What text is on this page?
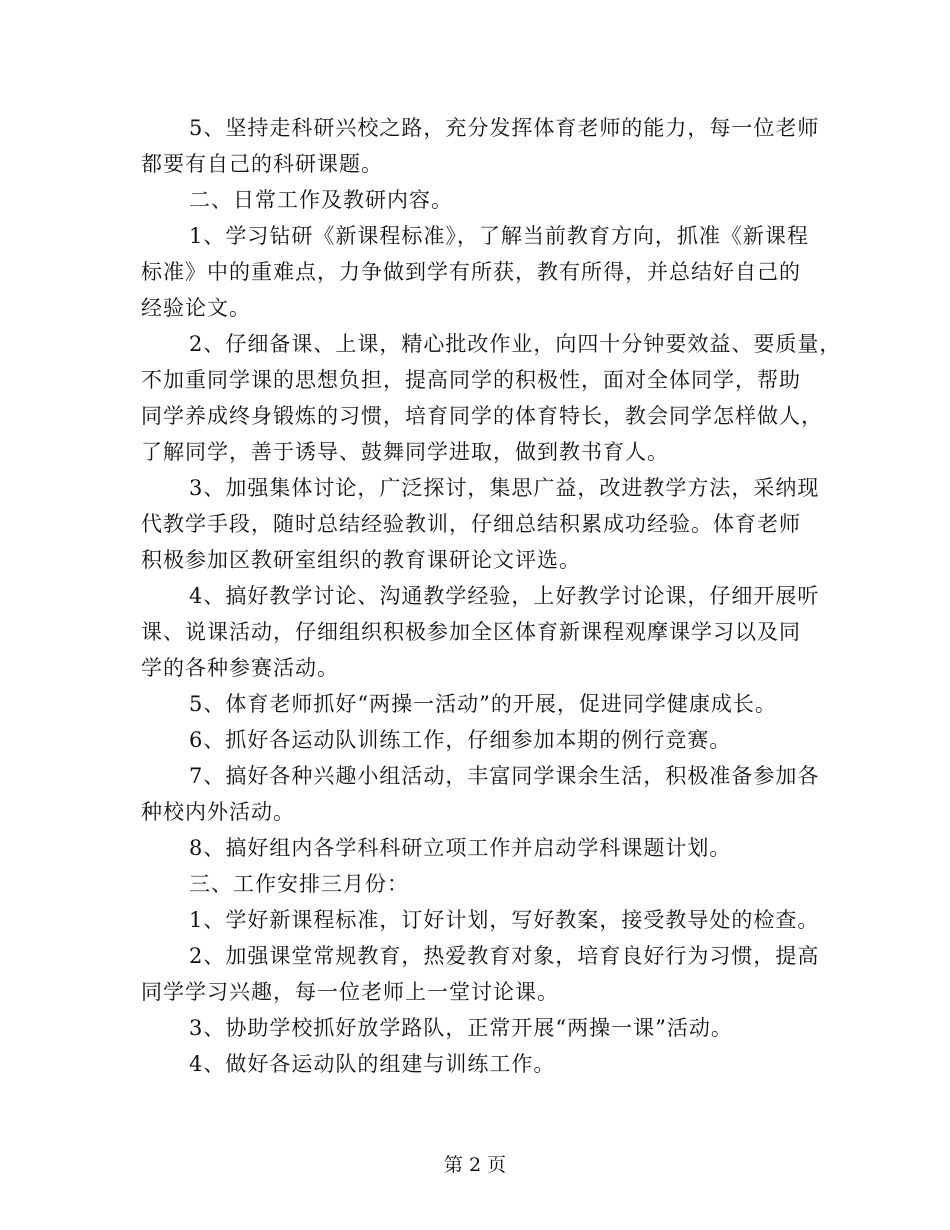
5、坚持走科研兴校之路，充分发挥体育老师的能力，每一位老师
都要有自己的科研课题。

二、日常工作及教研内容。

1、学习钻研《新课程标准》，了解当前教育方向，抓准《新课程
标准》中的重难点，力争做到学有所获，教有所得，并总结好自己的
经验论文。

2、仔细备课、上课，精心批改作业，向四十分钟要效益、要质量，
不加重同学课的思想负担，提高同学的积极性，面对全体同学，帮助
同学养成终身锻炼的习惯，培育同学的体育特长，教会同学怎样做人，
了解同学，善于诱导、鼓舞同学进取，做到教书育人。

3、加强集体讨论，广泛探讨，集思广益，改进教学方法，采纳现
代教学手段，随时总结经验教训，仔细总结积累成功经验。体育老师
积极参加区教研室组织的教育课研论文评选。

4、搞好教学讨论、沟通教学经验，上好教学讨论课，仔细开展听
课、说课活动，仔细组织积极参加全区体育新课程观摩课学习以及同
学的各种参赛活动。

5、体育老师抓好“两操一活动”的开展，促进同学健康成长。

6、抓好各运动队训练工作，仔细参加本期的例行竞赛。

7、搞好各种兴趣小组活动，丰富同学课余生活，积极准备参加各
种校内外活动。

8、搞好组内各学科科研立项工作并启动学科课题计划。

三、工作安排三月份：

1、学好新课程标准，订好计划，写好教案，接受教导处的检查。

2、加强课堂常规教育，热爱教育对象，培育良好行为习惯，提高
同学学习兴趣，每一位老师上一堂讨论课。

3、协助学校抓好放学路队，正常开展“两操一课”活动。

4、做好各运动队的组建与训练工作。

第 2 页
